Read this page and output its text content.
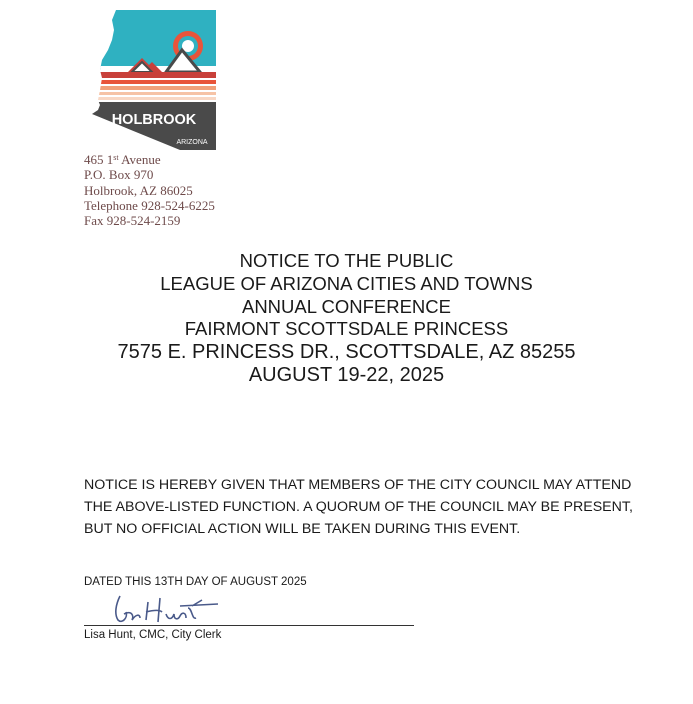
HOLBROOK
ARIZONA
465 1st Avenue
P.O. Box 970
Holbrook, AZ 86025
Telephone 928-524-6225
Fax 928-524-2159
NOTICE TO THE PUBLIC
LEAGUE OF ARIZONA CITIES AND TOWNS
ANNUAL CONFERENCE
FAIRMONT SCOTTSDALE PRINCESS
7575 E. PRINCESS DR., SCOTTSDALE, AZ 85255
AUGUST 19-22, 2025
NOTICE IS HEREBY GIVEN THAT MEMBERS OF THE CITY COUNCIL MAY ATTEND THE ABOVE-LISTED FUNCTION. A QUORUM OF THE COUNCIL MAY BE PRESENT, BUT NO OFFICIAL ACTION WILL BE TAKEN DURING THIS EVENT.
DATED THIS 13TH DAY OF AUGUST 2025
Lisa Hunt, CMC, City Clerk
